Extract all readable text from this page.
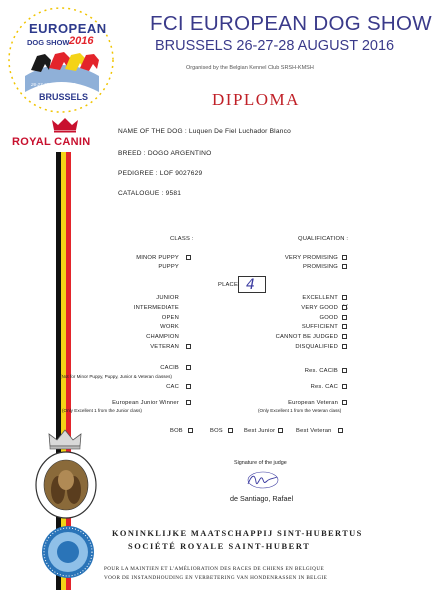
EUROPEAN
DOG SHOW 2016
26-27-28 August 2016
BRUSSELS
ROYAL CANIN
FCI EUROPEAN DOG SHOW
BRUSSELS 26-27-28 AUGUST 2016
Organised by the Belgian Kennel Club SRSH-KMSH
DIPLOMA
NAME OF THE DOG : Luquen De Fiel Luchador Blanco
BREED : DOGO ARGENTINO
PEDIGREE : LOF 9027629
CATALOGUE : 9581
CLASS :	QUALIFICATION :
MINOR PUPPY
PUPPY
VERY PROMISING
PROMISING
PLACE 4
JUNIOR
INTERMEDIATE
OPEN
WORK
CHAMPION
VETERAN
EXCELLENT
VERY GOOD
GOOD
SUFFICIENT
CANNOT BE JUDGED
DISQUALIFIED
CACIB
(Not for Minor Puppy, Puppy, Junior & Veteran classes)
Res. CACIB
CAC	Res. CAC
European Junior Winner
(Only Excellent 1 from the Junior class)
European Veteran
(Only Excellent 1 from the Veteran class)
BOB	BOS	Best Junior	Best Veteran
Signature of the judge
de Santiago, Rafael
KONINKLIJKE MAATSCHAPPIJ SINT-HUBERTUS
SOCIÉTÉ ROYALE SAINT-HUBERT
POUR LA MAINTIEN ET L'AMÉLIORATION DES RACES DE CHIENS EN BELGIQUE
VOOR DE INSTANDHOUDING EN VERBETERING VAN HONDENRASSEN IN BELGIE
